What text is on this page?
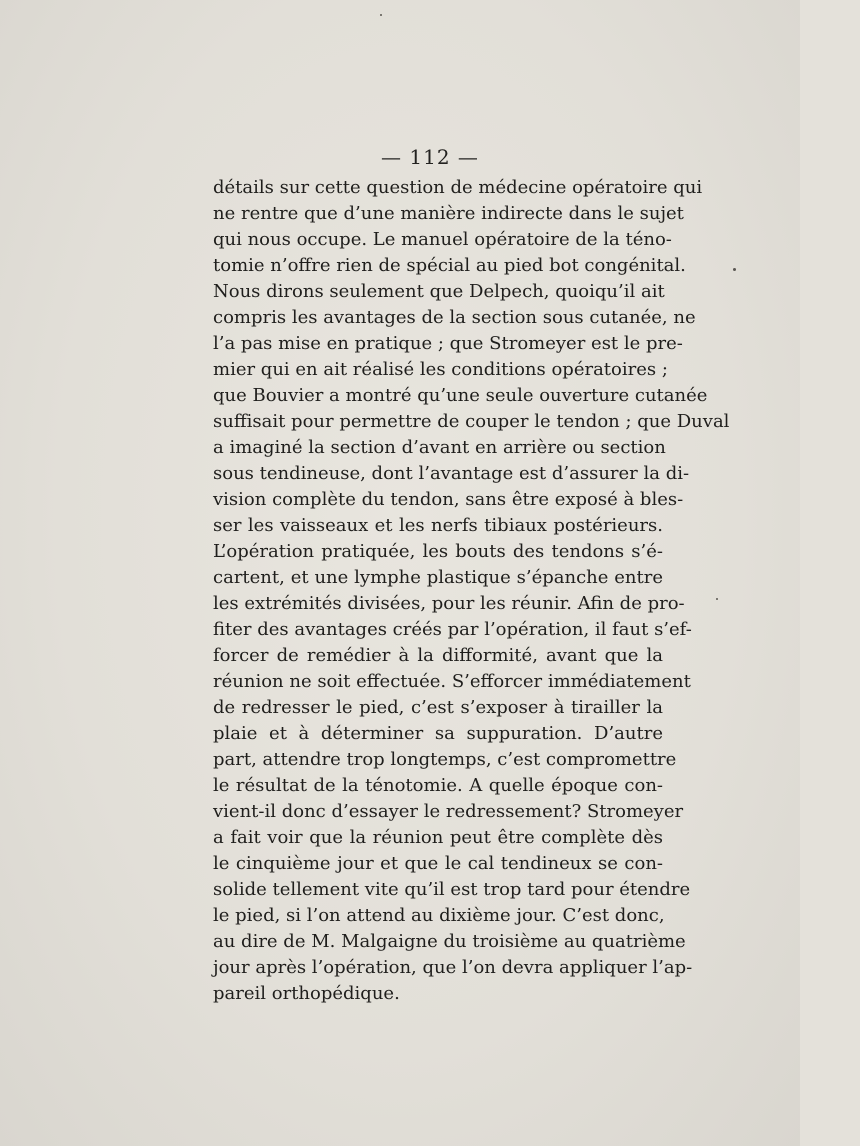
— 112 —
détails sur cette question de médecine opératoire qui
ne rentre que d’une manière indirecte dans le sujet
qui nous occupe. Le manuel opératoire de la téno-
tomie n’offre rien de spécial au pied bot congénital.
Nous dirons seulement que Delpech, quoiqu’il ait
compris les avantages de la section sous cutanée, ne
l’a pas mise en pratique ; que Stromeyer est le pre-
mier qui en ait réalisé les conditions opératoires ;
que Bouvier a montré qu’une seule ouverture cutanée
suffisait pour permettre de couper le tendon ; que Duval
a imaginé la section d’avant en arrière ou section
sous tendineuse, dont l’avantage est d’assurer la di-
vision complète du tendon, sans être exposé à bles-
ser les vaisseaux et les nerfs tibiaux postérieurs.
L’opération pratiquée, les bouts des tendons s’é-
cartent, et une lymphe plastique s’épanche entre
les extrémités divisées, pour les réunir. Afin de pro-
fiter des avantages créés par l’opération, il faut s’ef-
forcer de remédier à la difformité, avant que la
réunion ne soit effectuée. S’efforcer immédiatement
de redresser le pied, c’est s’exposer à tirailler la
plaie et à déterminer sa suppuration. D’autre
part, attendre trop longtemps, c’est compromettre
le résultat de la ténotomie. A quelle époque con-
vient-il donc d’essayer le redressement? Stromeyer
a fait voir que la réunion peut être complète dès
le cinquième jour et que le cal tendineux se con-
solide tellement vite qu’il est trop tard pour étendre
le pied, si l’on attend au dixième jour. C’est donc,
au dire de M. Malgaigne du troisième au quatrième
jour après l’opération, que l’on devra appliquer l’ap-
pareil orthopédique.
